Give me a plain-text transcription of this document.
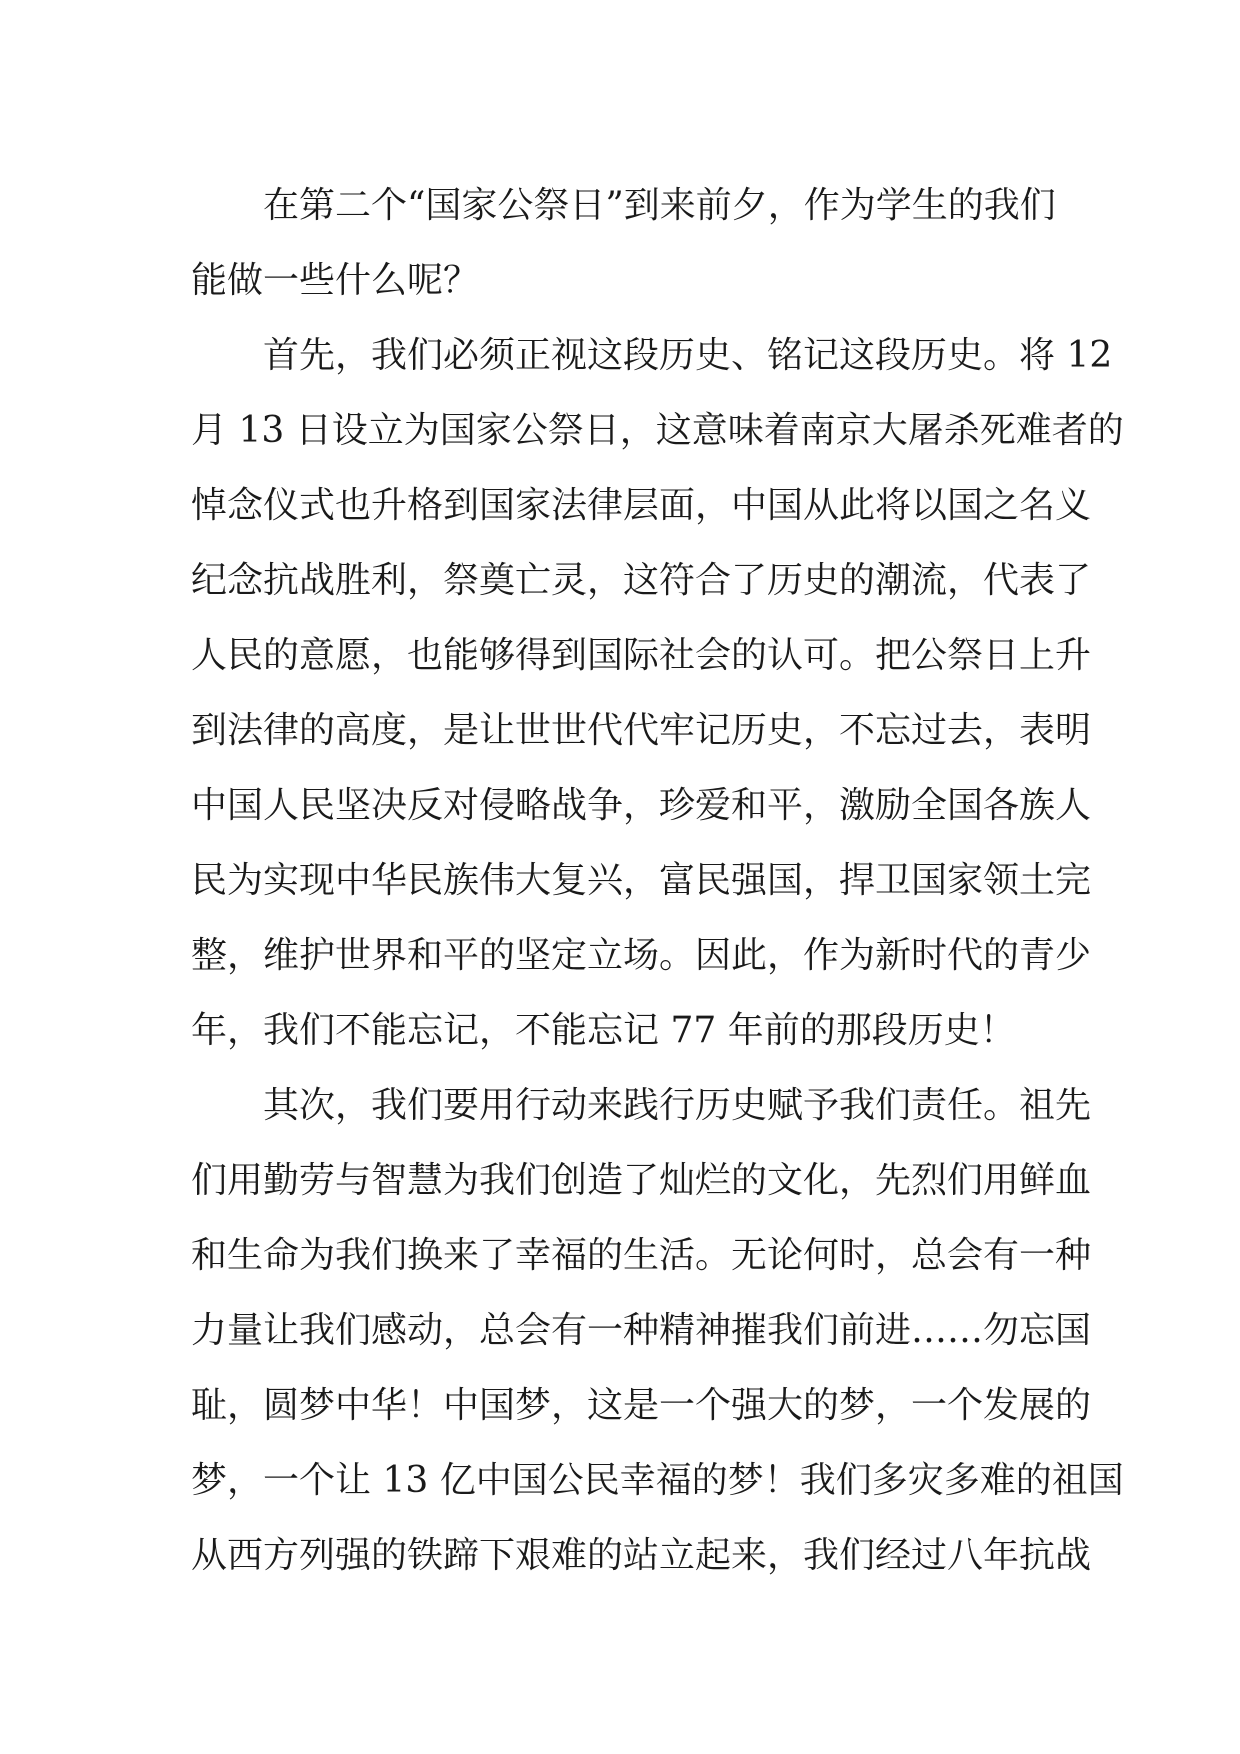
在第二个“国家公祭日”到来前夕，作为学生的我们
能做一些什么呢？
首先，我们必须正视这段历史、铭记这段历史。将 12
月 13 日设立为国家公祭日，这意味着南京大屠杀死难者的
悼念仪式也升格到国家法律层面，中国从此将以国之名义
纪念抗战胜利，祭奠亡灵，这符合了历史的潮流，代表了
人民的意愿，也能够得到国际社会的认可。把公祭日上升
到法律的高度，是让世世代代牢记历史，不忘过去，表明
中国人民坚决反对侵略战争，珍爱和平，激励全国各族人
民为实现中华民族伟大复兴，富民强国，捍卫国家领土完
整，维护世界和平的坚定立场。因此，作为新时代的青少
年，我们不能忘记，不能忘记 77 年前的那段历史！
其次，我们要用行动来践行历史赋予我们责任。祖先
们用勤劳与智慧为我们创造了灿烂的文化，先烈们用鲜血
和生命为我们换来了幸福的生活。无论何时，总会有一种
力量让我们感动，总会有一种精神摧我们前进……勿忘国
耻，圆梦中华！中国梦，这是一个强大的梦，一个发展的
梦，一个让 13 亿中国公民幸福的梦！我们多灾多难的祖国
从西方列强的铁蹄下艰难的站立起来，我们经过八年抗战
